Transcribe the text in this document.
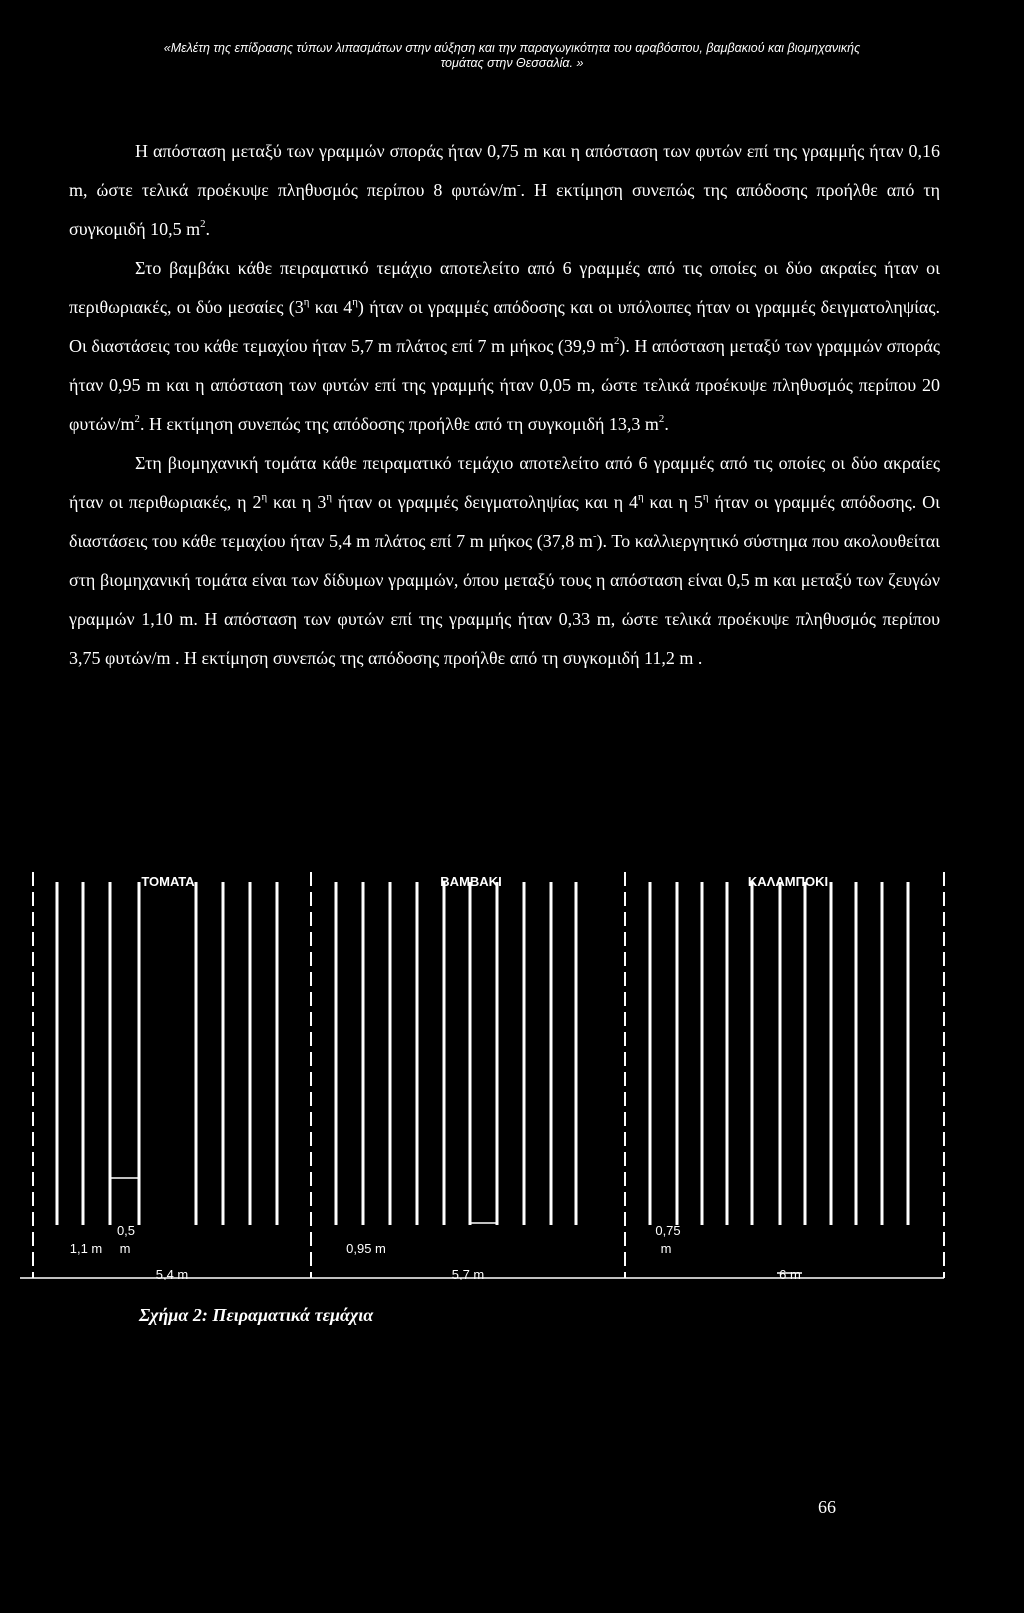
«Μελέτη της επίδρασης τύπων λιπασμάτων στην αύξηση και την παραγωγικότητα του αραβόσιτου, βαμβακιού και βιομηχανικής
τομάτας στην Θεσσαλία. »

Η απόσταση μεταξύ των γραμμών σποράς ήταν 0,75 m και η απόσταση των φυτών επί της γραμμής ήταν 0,16 m, ώστε τελικά προέκυψε πληθυσμός περίπου 8 φυτών/m-. Η εκτίμηση συνεπώς της απόδοσης προήλθε από τη συγκομιδή 10,5 $m^2$.

Στο βαμβάκι κάθε πειραματικό τεμάχιο αποτελείτο από 6 γραμμές από τις οποίες οι δύο ακραίες ήταν οι περιθωριακές, οι δύο μεσαίες ($3^\eta$ και $4^\eta$) ήταν οι γραμμές απόδοσης και οι υπόλοιπες ήταν οι γραμμές δειγματοληψίας. Οι διαστάσεις του κάθε τεμαχίου ήταν 5,7 m πλάτος επί 7 m μήκος (39,9 $m^2$). Η απόσταση μεταξύ των γραμμών σποράς ήταν 0,95 m και η απόσταση των φυτών επί της γραμμής ήταν 0,05 m, ώστε τελικά προέκυψε πληθυσμός περίπου 20 φυτών/$m^2$. Η εκτίμηση συνεπώς της απόδοσης προήλθε από τη συγκομιδή 13,3 $m^2$.

Στη βιομηχανική τομάτα κάθε πειραματικό τεμάχιο αποτελείτο από 6 γραμμές από τις οποίες οι δύο ακραίες ήταν οι περιθωριακές, η $2^\eta$ και η $3^\eta$ ήταν οι γραμμές δειγματοληψίας και η $4^\eta$ και η $5^\eta$ ήταν οι γραμμές απόδοσης. Οι διαστάσεις του κάθε τεμαχίου ήταν 5,4 m πλάτος επί 7 m μήκος (37,8 m-). Το καλλιεργητικό σύστημα που ακολουθείται στη βιομηχανική τομάτα είναι των δίδυμων γραμμών, όπου μεταξύ τους η απόσταση είναι 0,5 m και μεταξύ των ζευγών γραμμών 1,10 m. Η απόσταση των φυτών επί της γραμμής ήταν 0,33 m, ώστε τελικά προέκυψε πληθυσμός περίπου 3,75 φυτών/m . Η εκτίμηση συνεπώς της απόδοσης προήλθε από τη συγκομιδή 11,2 m .

ΤΟΜΑΤΑ	ΒΑΜΒΑΚΙ	ΚΑΛΑΜΠΟΚΙ
1,1 m
0,5
m
5,4 m
0,95 m
5,7 m
0,75
m
6 m
Σχήμα 2: Πειραματικά τεμάχια
66
